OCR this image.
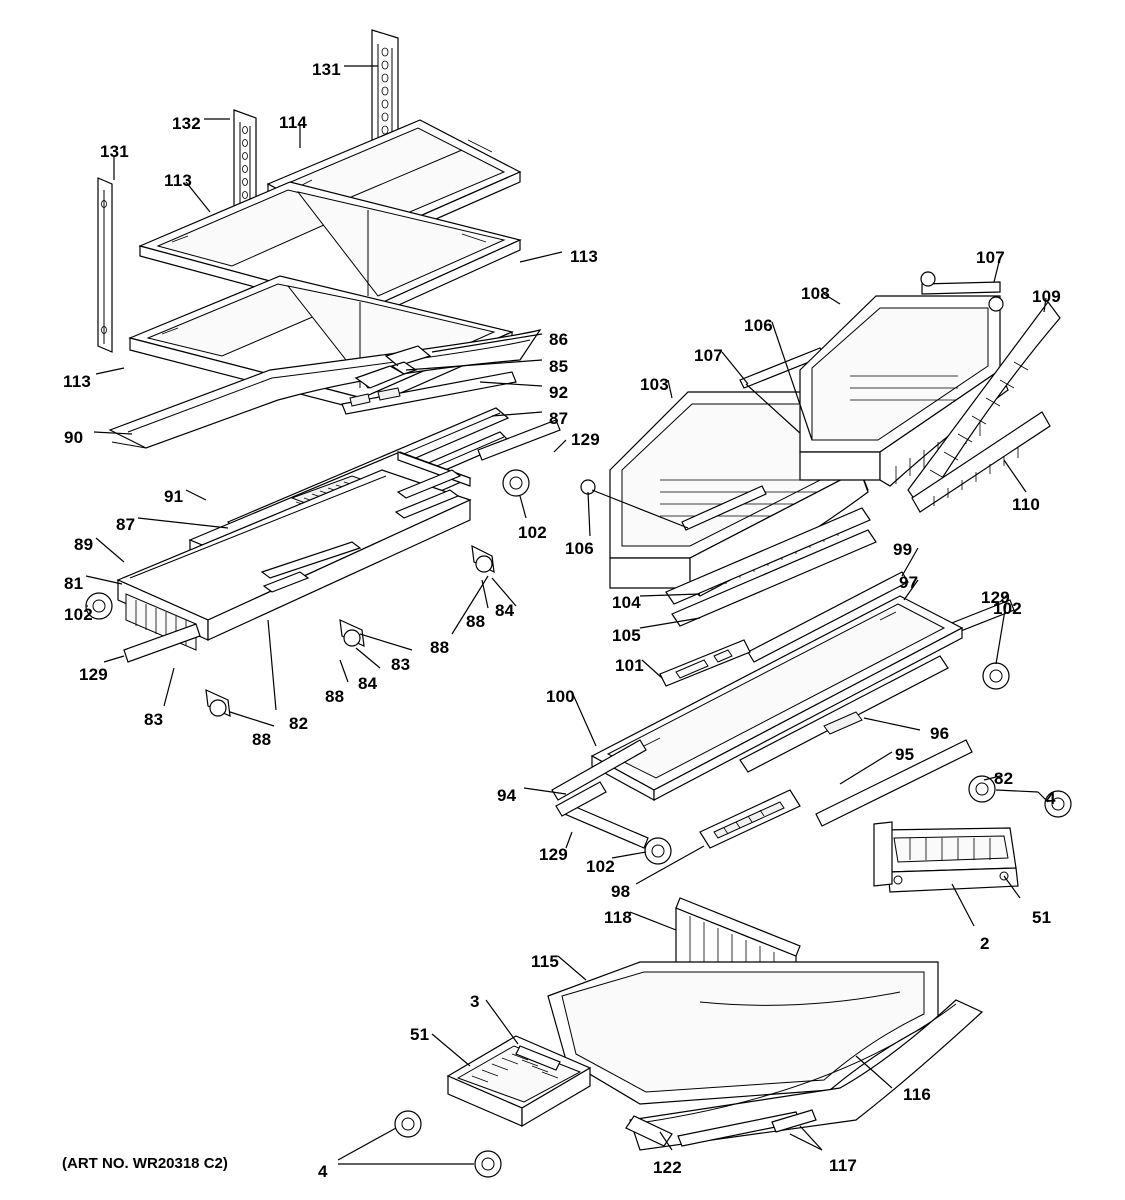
131
132	114
131
113
113	107
108	109
86
106
85
113
107
103
92
87
90	129
110
91
102
106
87
89	99
81	97
104	129
102	84
88
105
102
88
129
83	101
84
88	100
83	82
96
88
95
82
94	4
129
102
98
51
118
2
115
3
51
116
4	122	117
(ART NO. WR20318 C2)
